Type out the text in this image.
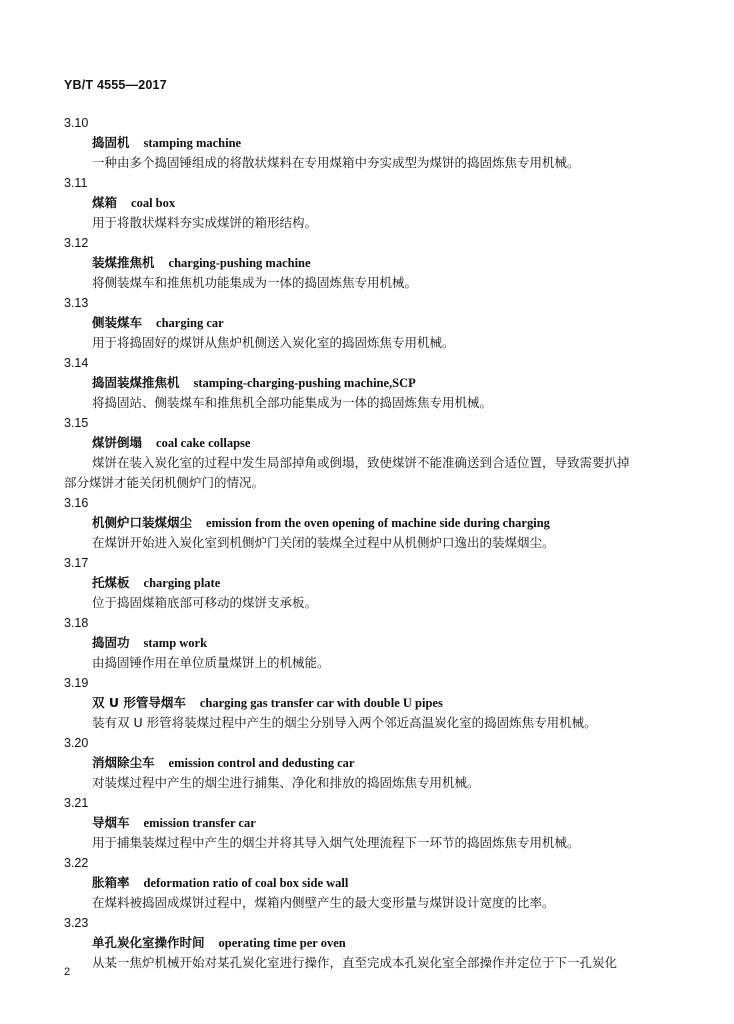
YB/T 4555—2017
3.10
捣固机 stamping machine
一种由多个捣固锤组成的将散状煤料在专用煤箱中夯实成型为煤饼的捣固炼焦专用机械。
3.11
煤箱 coal box
用于将散状煤料夯实成煤饼的箱形结构。
3.12
装煤推焦机 charging-pushing machine
将侧装煤车和推焦机功能集成为一体的捣固炼焦专用机械。
3.13
侧装煤车 charging car
用于将捣固好的煤饼从焦炉机侧送入炭化室的捣固炼焦专用机械。
3.14
捣固装煤推焦机 stamping-charging-pushing machine,SCP
将捣固站、侧装煤车和推焦机全部功能集成为一体的捣固炼焦专用机械。
3.15
煤饼倒塌 coal cake collapse
煤饼在装入炭化室的过程中发生局部掉角或倒塌，致使煤饼不能准确送到合适位置，导致需要扒掉
部分煤饼才能关闭机侧炉门的情况。
3.16
机侧炉口装煤烟尘 emission from the oven opening of machine side during charging
在煤饼开始进入炭化室到机侧炉门关闭的装煤全过程中从机侧炉口逸出的装煤烟尘。
3.17
托煤板 charging plate
位于捣固煤箱底部可移动的煤饼支承板。
3.18
捣固功 stamp work
由捣固锤作用在单位质量煤饼上的机械能。
3.19
双 U 形管导烟车 charging gas transfer car with double U pipes
装有双 U 形管将装煤过程中产生的烟尘分别导入两个邻近高温炭化室的捣固炼焦专用机械。
3.20
消烟除尘车 emission control and dedusting car
对装煤过程中产生的烟尘进行捕集、净化和排放的捣固炼焦专用机械。
3.21
导烟车 emission transfer car
用于捕集装煤过程中产生的烟尘并将其导入烟气处理流程下一环节的捣固炼焦专用机械。
3.22
胀箱率 deformation ratio of coal box side wall
在煤料被捣固成煤饼过程中，煤箱内侧壁产生的最大变形量与煤饼设计宽度的比率。
3.23
单孔炭化室操作时间 operating time per oven
从某一焦炉机械开始对某孔炭化室进行操作，直至完成本孔炭化室全部操作并定位于下一孔炭化
2
